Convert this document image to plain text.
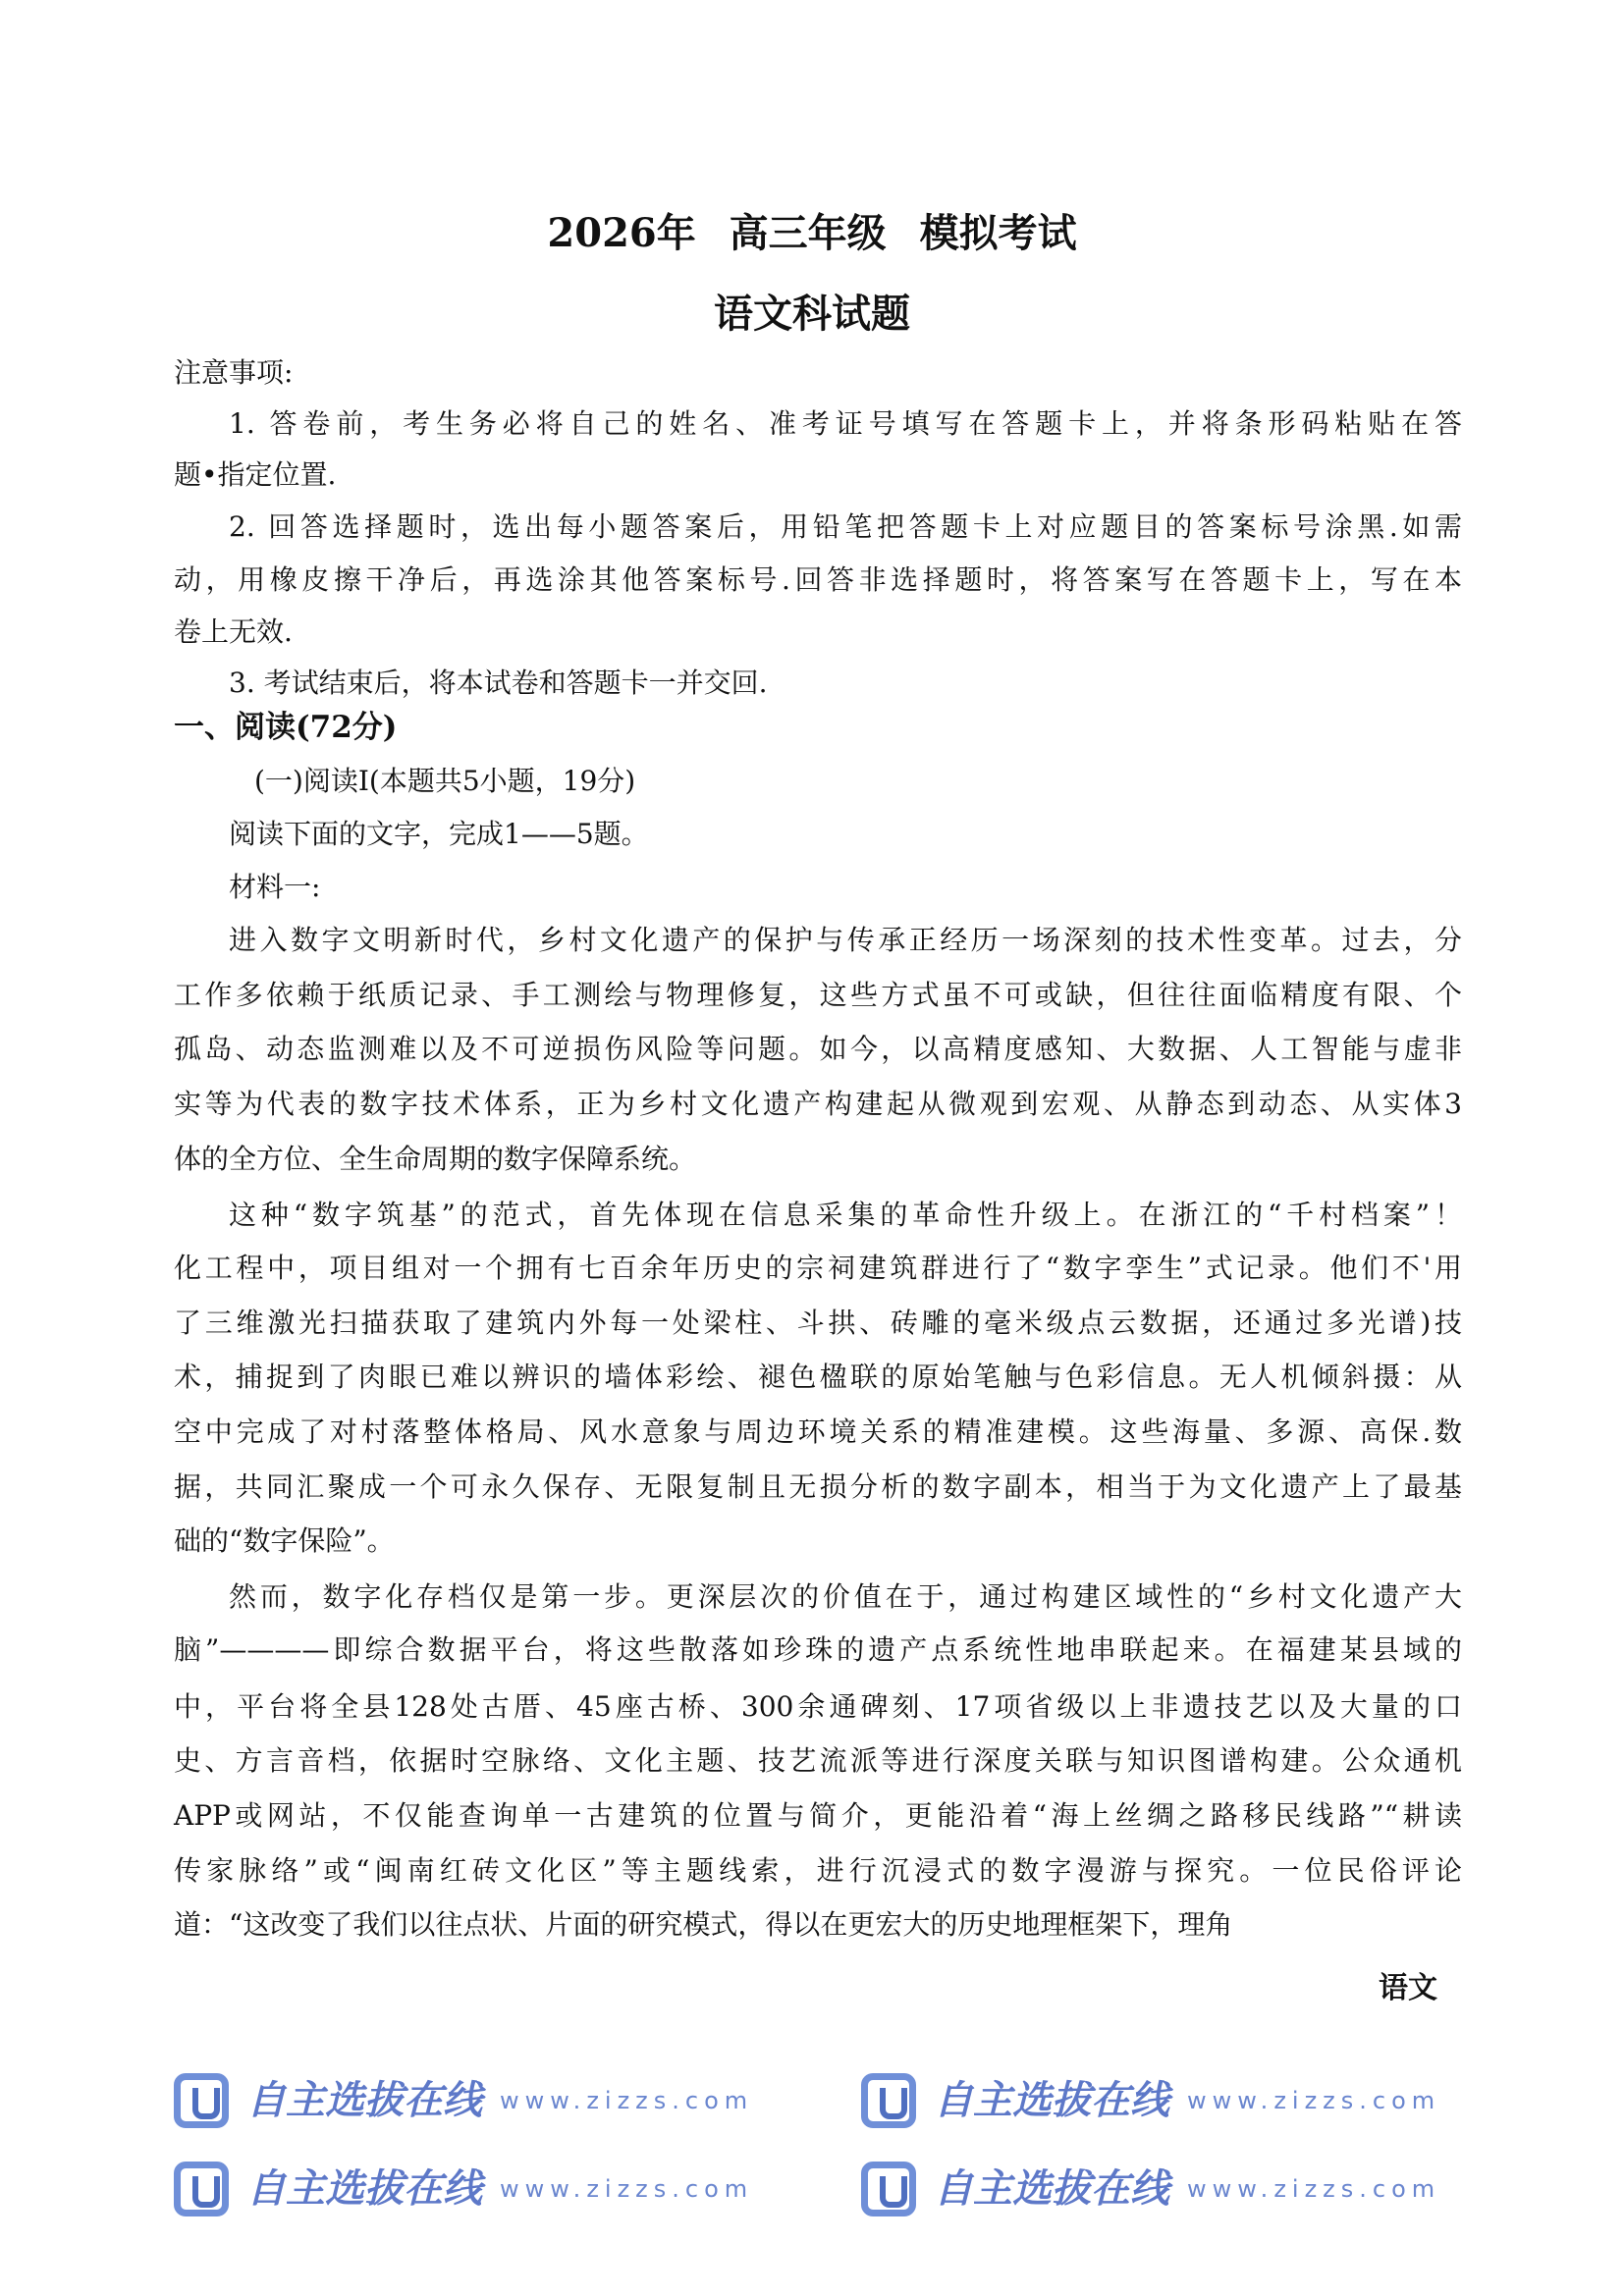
2026年 高三年级 模拟考试
语文科试题
注意事项:
1. 答卷前，考生务必将自己的姓名、准考证号填写在答题卡上，并将条形码粘贴在答
题•指定位置.
2. 回答选择题时，选出每小题答案后，用铅笔把答题卡上对应题目的答案标号涂黑.如需
动，用橡皮擦干净后，再选涂其他答案标号.回答非选择题时，将答案写在答题卡上，写在本
卷上无效.
3. 考试结束后，将本试卷和答题卡一并交回.
一、阅读(72分)
(一)阅读Ⅰ(本题共5小题，19分)
阅读下面的文字，完成1——5题。
材料一:
进入数字文明新时代，乡村文化遗产的保护与传承正经历一场深刻的技术性变革。过去，分
工作多依赖于纸质记录、手工测绘与物理修复，这些方式虽不可或缺，但往往面临精度有限、个
孤岛、动态监测难以及不可逆损伤风险等问题。如今，以高精度感知、大数据、人工智能与虚非
实等为代表的数字技术体系，正为乡村文化遗产构建起从微观到宏观、从静态到动态、从实体3
体的全方位、全生命周期的数字保障系统。
这种“数字筑基”的范式，首先体现在信息采集的革命性升级上。在浙江的“千村档案”！
化工程中，项目组对一个拥有七百余年历史的宗祠建筑群进行了“数字孪生”式记录。他们不'用
了三维激光扫描获取了建筑内外每一处梁柱、斗拱、砖雕的毫米级点云数据，还通过多光谱)技
术，捕捉到了肉眼已难以辨识的墙体彩绘、褪色楹联的原始笔触与色彩信息。无人机倾斜摄：从
空中完成了对村落整体格局、风水意象与周边环境关系的精准建模。这些海量、多源、高保.数
据，共同汇聚成一个可永久保存、无限复制且无损分析的数字副本，相当于为文化遗产上了最基
础的“数字保险”。
然而，数字化存档仅是第一步。更深层次的价值在于，通过构建区域性的“乡村文化遗产大
脑”————即综合数据平台，将这些散落如珍珠的遗产点系统性地串联起来。在福建某县域的
中，平台将全县128处古厝、45座古桥、300余通碑刻、17项省级以上非遗技艺以及大量的口
史、方言音档，依据时空脉络、文化主题、技艺流派等进行深度关联与知识图谱构建。公众通机
APP或网站，不仅能查询单一古建筑的位置与简介，更能沿着“海上丝绸之路移民线路”“耕读
传家脉络”或“闽南红砖文化区”等主题线索，进行沉浸式的数字漫游与探究。一位民俗评论
道：“这改变了我们以往点状、片面的研究模式，得以在更宏大的历史地理框架下，理角
语文
自主选拔在线 www.zizzs.com	自主选拔在线 www.zizzs.com
自主选拔在线 www.zizzs.com	自主选拔在线 www.zizzs.com
